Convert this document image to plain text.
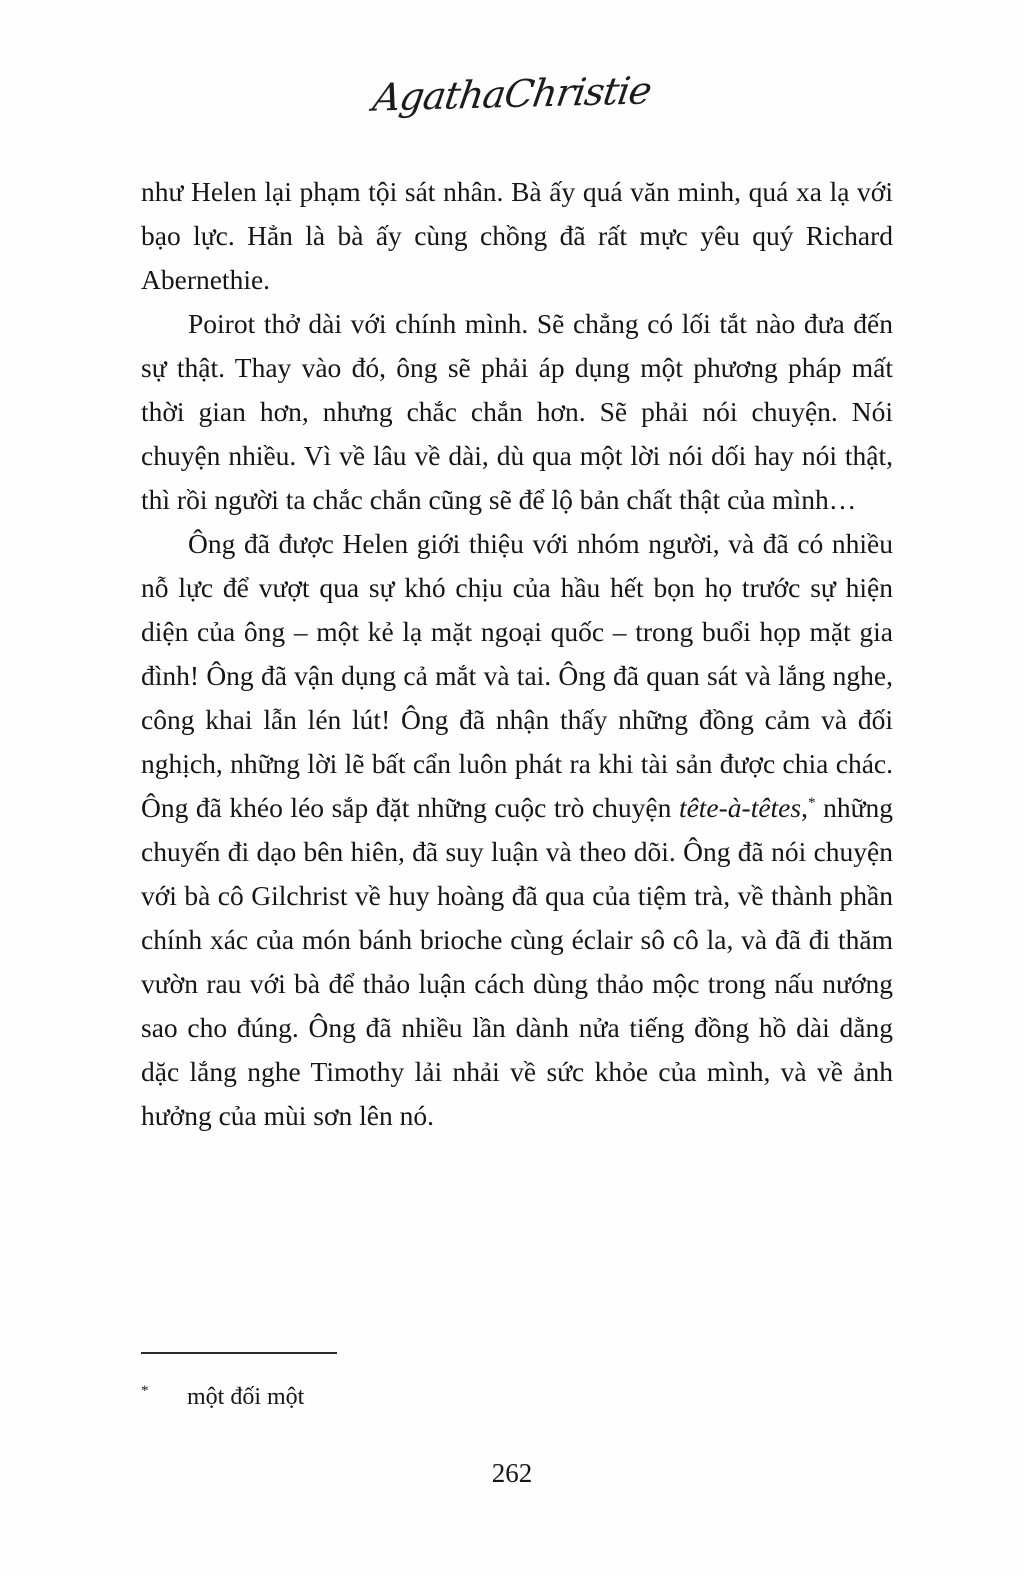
AgathaChristie

như Helen lại phạm tội sát nhân. Bà ấy quá văn minh, quá xa lạ với bạo lực. Hẳn là bà ấy cùng chồng đã rất mực yêu quý Richard Abernethie.

Poirot thở dài với chính mình. Sẽ chẳng có lối tắt nào đưa đến sự thật. Thay vào đó, ông sẽ phải áp dụng một phương pháp mất thời gian hơn, nhưng chắc chắn hơn. Sẽ phải nói chuyện. Nói chuyện nhiều. Vì về lâu về dài, dù qua một lời nói dối hay nói thật, thì rồi người ta chắc chắn cũng sẽ để lộ bản chất thật của mình…

Ông đã được Helen giới thiệu với nhóm người, và đã có nhiều nỗ lực để vượt qua sự khó chịu của hầu hết bọn họ trước sự hiện diện của ông – một kẻ lạ mặt ngoại quốc – trong buổi họp mặt gia đình! Ông đã vận dụng cả mắt và tai. Ông đã quan sát và lắng nghe, công khai lẫn lén lút! Ông đã nhận thấy những đồng cảm và đối nghịch, những lời lẽ bất cẩn luôn phát ra khi tài sản được chia chác. Ông đã khéo léo sắp đặt những cuộc trò chuyện tête-à-têtes,* những chuyến đi dạo bên hiên, đã suy luận và theo dõi. Ông đã nói chuyện với bà cô Gilchrist về huy hoàng đã qua của tiệm trà, về thành phần chính xác của món bánh brioche cùng éclair sô cô la, và đã đi thăm vườn rau với bà để thảo luận cách dùng thảo mộc trong nấu nướng sao cho đúng. Ông đã nhiều lần dành nửa tiếng đồng hồ dài dằng dặc lắng nghe Timothy lải nhải về sức khỏe của mình, và về ảnh hưởng của mùi sơn lên nó.

* một đối một
262
